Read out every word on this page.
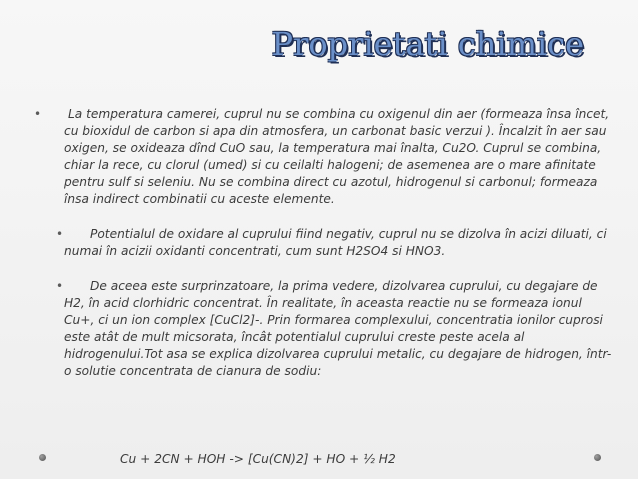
Proprietati chimice
• La temperatura camerei, cuprul nu se combina cu oxigenul din aer (formeaza însa încet, cu bioxidul de carbon si apa din atmosfera, un carbonat basic verzui ). Încalzit în aer sau oxigen, se oxideaza dînd CuO sau, la temperatura mai înalta, Cu2O. Cuprul se combina, chiar la rece, cu clorul (umed) si cu ceilalti halogeni; de asemenea are o mare afinitate pentru sulf si seleniu. Nu se combina direct cu azotul, hidrogenul si carbonul; formeaza însa indirect combinatii cu aceste elemente.
• Potentialul de oxidare al cuprului fiind negativ, cuprul nu se dizolva în acizi diluati, ci numai în acizii oxidanti concentrati, cum sunt H2SO4 si HNO3.
• De aceea este surprinzatoare, la prima vedere, dizolvarea cuprului, cu degajare de H2, în acid clorhidric concentrat. În realitate, în aceasta reactie nu se formeaza ionul Cu+, ci un ion complex [CuCl2]-. Prin formarea complexului, concentratia ionilor cuprosi este atât de mult micsorata, încât potentialul cuprului creste peste acela al hidrogenului.Tot asa se explica dizolvarea cuprului metalic, cu degajare de hidrogen, într-o solutie concentrata de cianura de sodiu:
Cu + 2CN + HOH -> [Cu(CN)2] + HO + ½ H2
